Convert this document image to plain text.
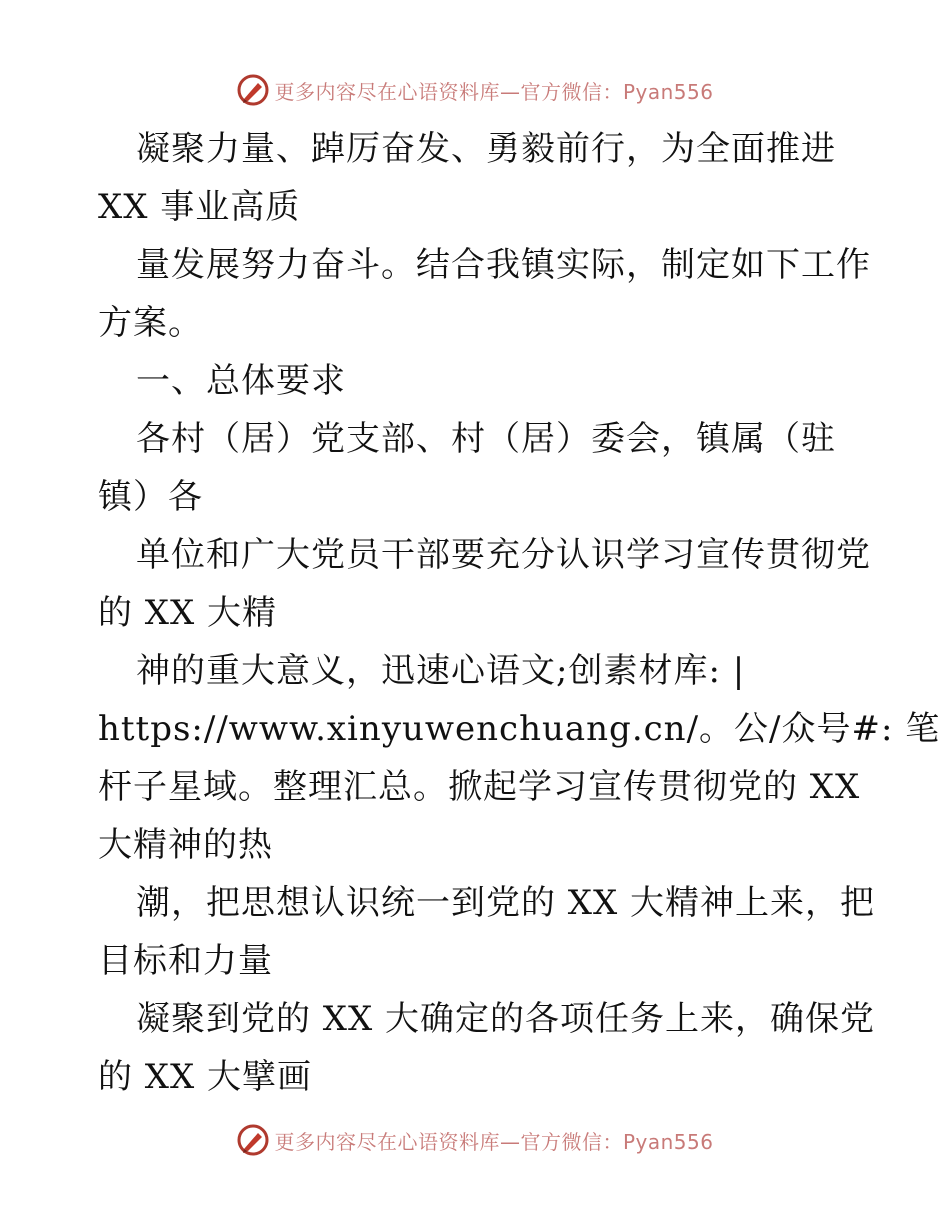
更多内容尽在心语资料库—官方微信：Pyan556
凝聚力量、踔厉奋发、勇毅前行，为全面推进
XX 事业高质
量发展努力奋斗。结合我镇实际，制定如下工作
方案。
一、总体要求
各村（居）党支部、村（居）委会，镇属（驻
镇）各
单位和广大党员干部要充分认识学习宣传贯彻党
的 XX 大精
神的重大意义，迅速心语文;创素材库: |
https://www.xinyuwenchuang.cn/。公/众号#: 笔
杆子星域。整理汇总。掀起学习宣传贯彻党的 XX
大精神的热
潮，把思想认识统一到党的 XX 大精神上来，把
目标和力量
凝聚到党的 XX 大确定的各项任务上来，确保党
的 XX 大擘画
更多内容尽在心语资料库—官方微信：Pyan556
